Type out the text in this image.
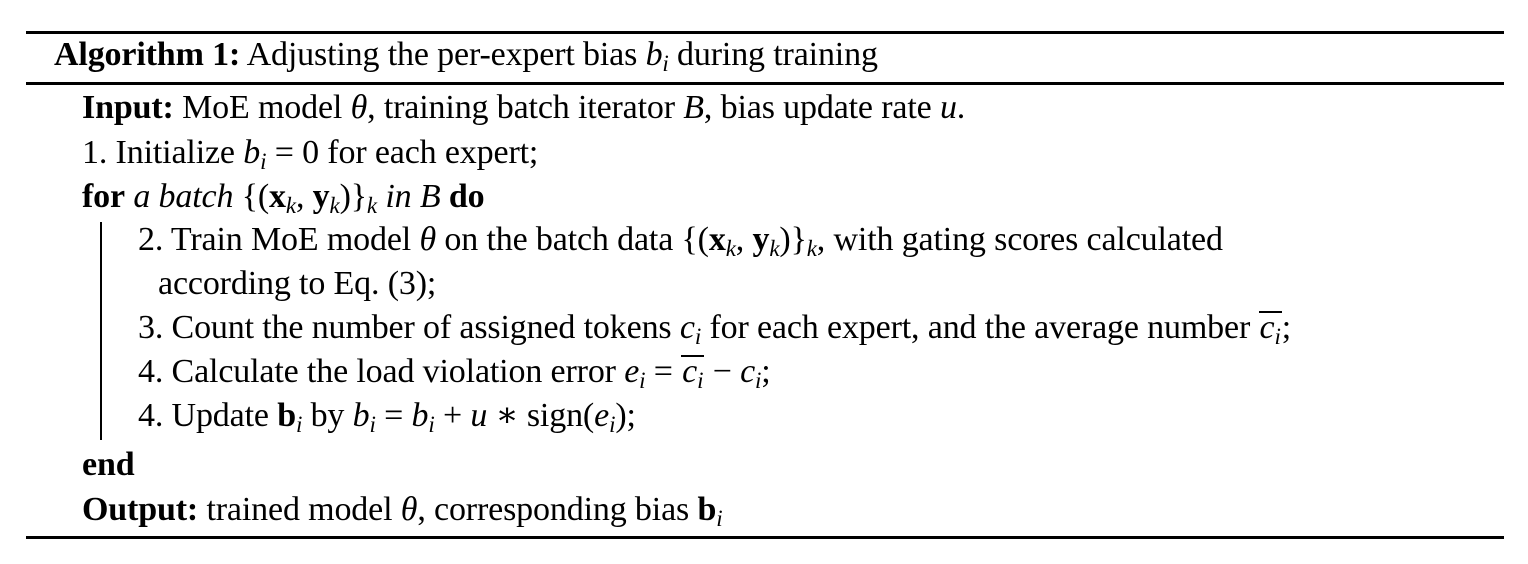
Algorithm 1: Adjusting the per-expert bias $b_i$ during training
Input: MoE model θ, training batch iterator B, bias update rate u.
1. Initialize $b_i = 0$ for each expert;
for a batch {($x_k$, $y_k)\}_k$ in B do
2. Train MoE model θ on the batch data {($x_k$, $y_k)\}_k$, with gating scores calculated
according to Eq. (3);
3. Count the number of assigned tokens $c_i$ for each expert, and the average number $c_i$;
4. Calculate the load violation error $e_i = c_i - c_i$;
4. Update $b_i$ by $b_i = b_i + u$ ∗ $sign(e_i)$;
end
Output: trained model θ, corresponding bias $b_i$
